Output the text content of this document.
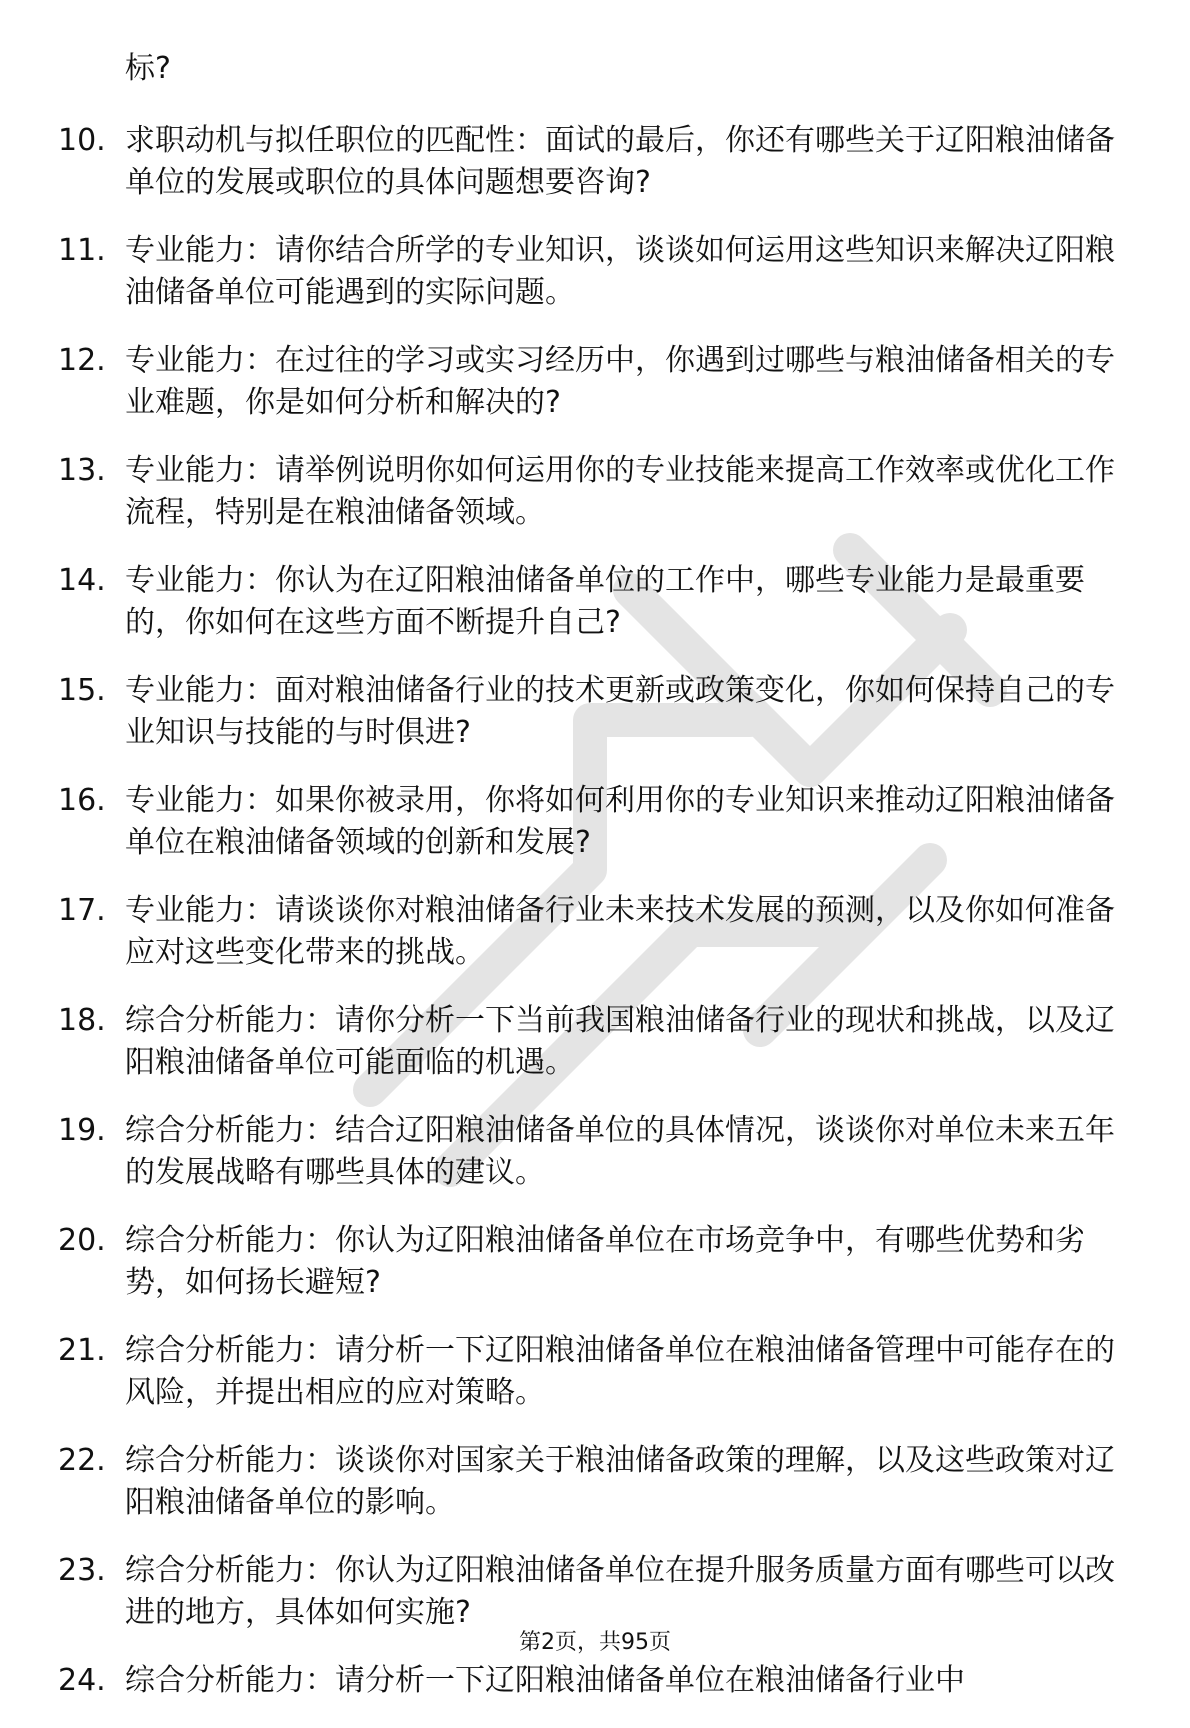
标?
10. 求职动机与拟任职位的匹配性：面试的最后，你还有哪些关于辽阳粮油储备单位的发展或职位的具体问题想要咨询?
11. 专业能力：请你结合所学的专业知识，谈谈如何运用这些知识来解决辽阳粮油储备单位可能遇到的实际问题。
12. 专业能力：在过往的学习或实习经历中，你遇到过哪些与粮油储备相关的专业难题，你是如何分析和解决的?
13. 专业能力：请举例说明你如何运用你的专业技能来提高工作效率或优化工作流程，特别是在粮油储备领域。
14. 专业能力：你认为在辽阳粮油储备单位的工作中，哪些专业能力是最重要的，你如何在这些方面不断提升自己?
15. 专业能力：面对粮油储备行业的技术更新或政策变化，你如何保持自己的专业知识与技能的与时俱进?
16. 专业能力：如果你被录用，你将如何利用你的专业知识来推动辽阳粮油储备单位在粮油储备领域的创新和发展?
17. 专业能力：请谈谈你对粮油储备行业未来技术发展的预测，以及你如何准备应对这些变化带来的挑战。
18. 综合分析能力：请你分析一下当前我国粮油储备行业的现状和挑战，以及辽阳粮油储备单位可能面临的机遇。
19. 综合分析能力：结合辽阳粮油储备单位的具体情况，谈谈你对单位未来五年的发展战略有哪些具体的建议。
20. 综合分析能力：你认为辽阳粮油储备单位在市场竞争中，有哪些优势和劣势，如何扬长避短?
21. 综合分析能力：请分析一下辽阳粮油储备单位在粮油储备管理中可能存在的风险，并提出相应的应对策略。
22. 综合分析能力：谈谈你对国家关于粮油储备政策的理解，以及这些政策对辽阳粮油储备单位的影响。
23. 综合分析能力：你认为辽阳粮油储备单位在提升服务质量方面有哪些可以改进的地方，具体如何实施?
24. 综合分析能力：请分析一下辽阳粮油储备单位在粮油储备行业中
第2页，共95页
